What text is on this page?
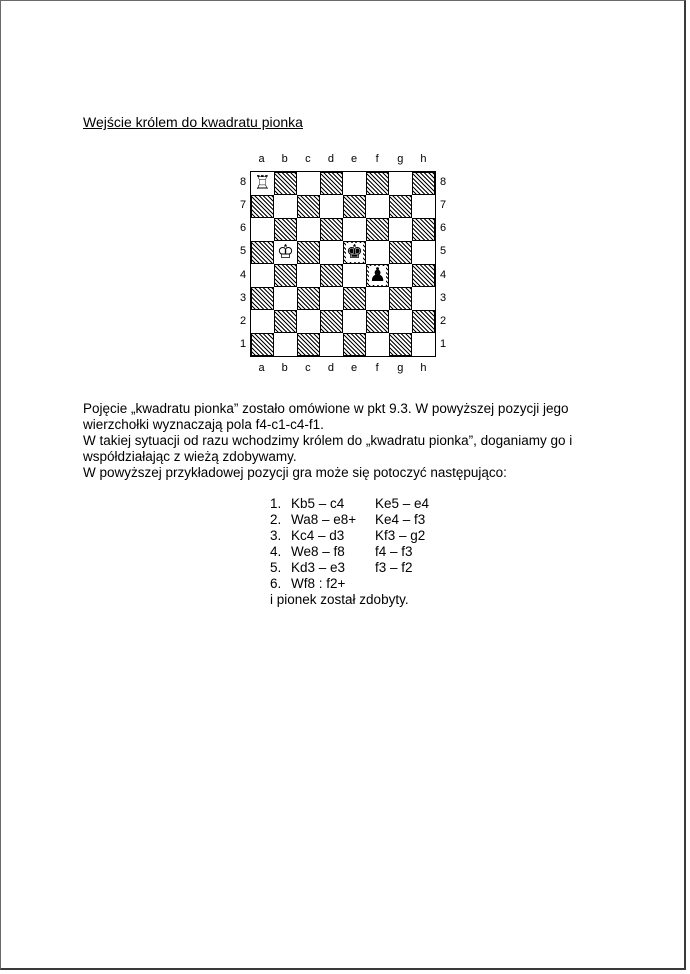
Wejście królem do kwadratu pionka
a	b	c	d	e	f	g	h
8
7
6
5
4
3
2
1
♖
♔	♚
♟
8
7
6
5
4
3
2
1
a	b	c	d	e	f	g	h

Pojęcie „kwadratu pionka” zostało omówione w pkt 9.3. W powyższej pozycji jego wierzchołki wyznaczają pola f4-c1-c4-f1.

W takiej sytuacji od razu wchodzimy królem do „kwadratu pionka”, doganiamy go i współdziałając z wieżą zdobywamy.

W powyższej przykładowej pozycji gra może się potoczyć następująco:

1. Kb5 – c4	Ke5 – e4
2. Wa8 – e8+	Ke4 – f3
3. Kc4 – d3	Kf3 – g2
4. We8 – f8	f4 – f3
5. Kd3 – e3	f3 – f2
6. Wf8 : f2+
i pionek został zdobyty.
